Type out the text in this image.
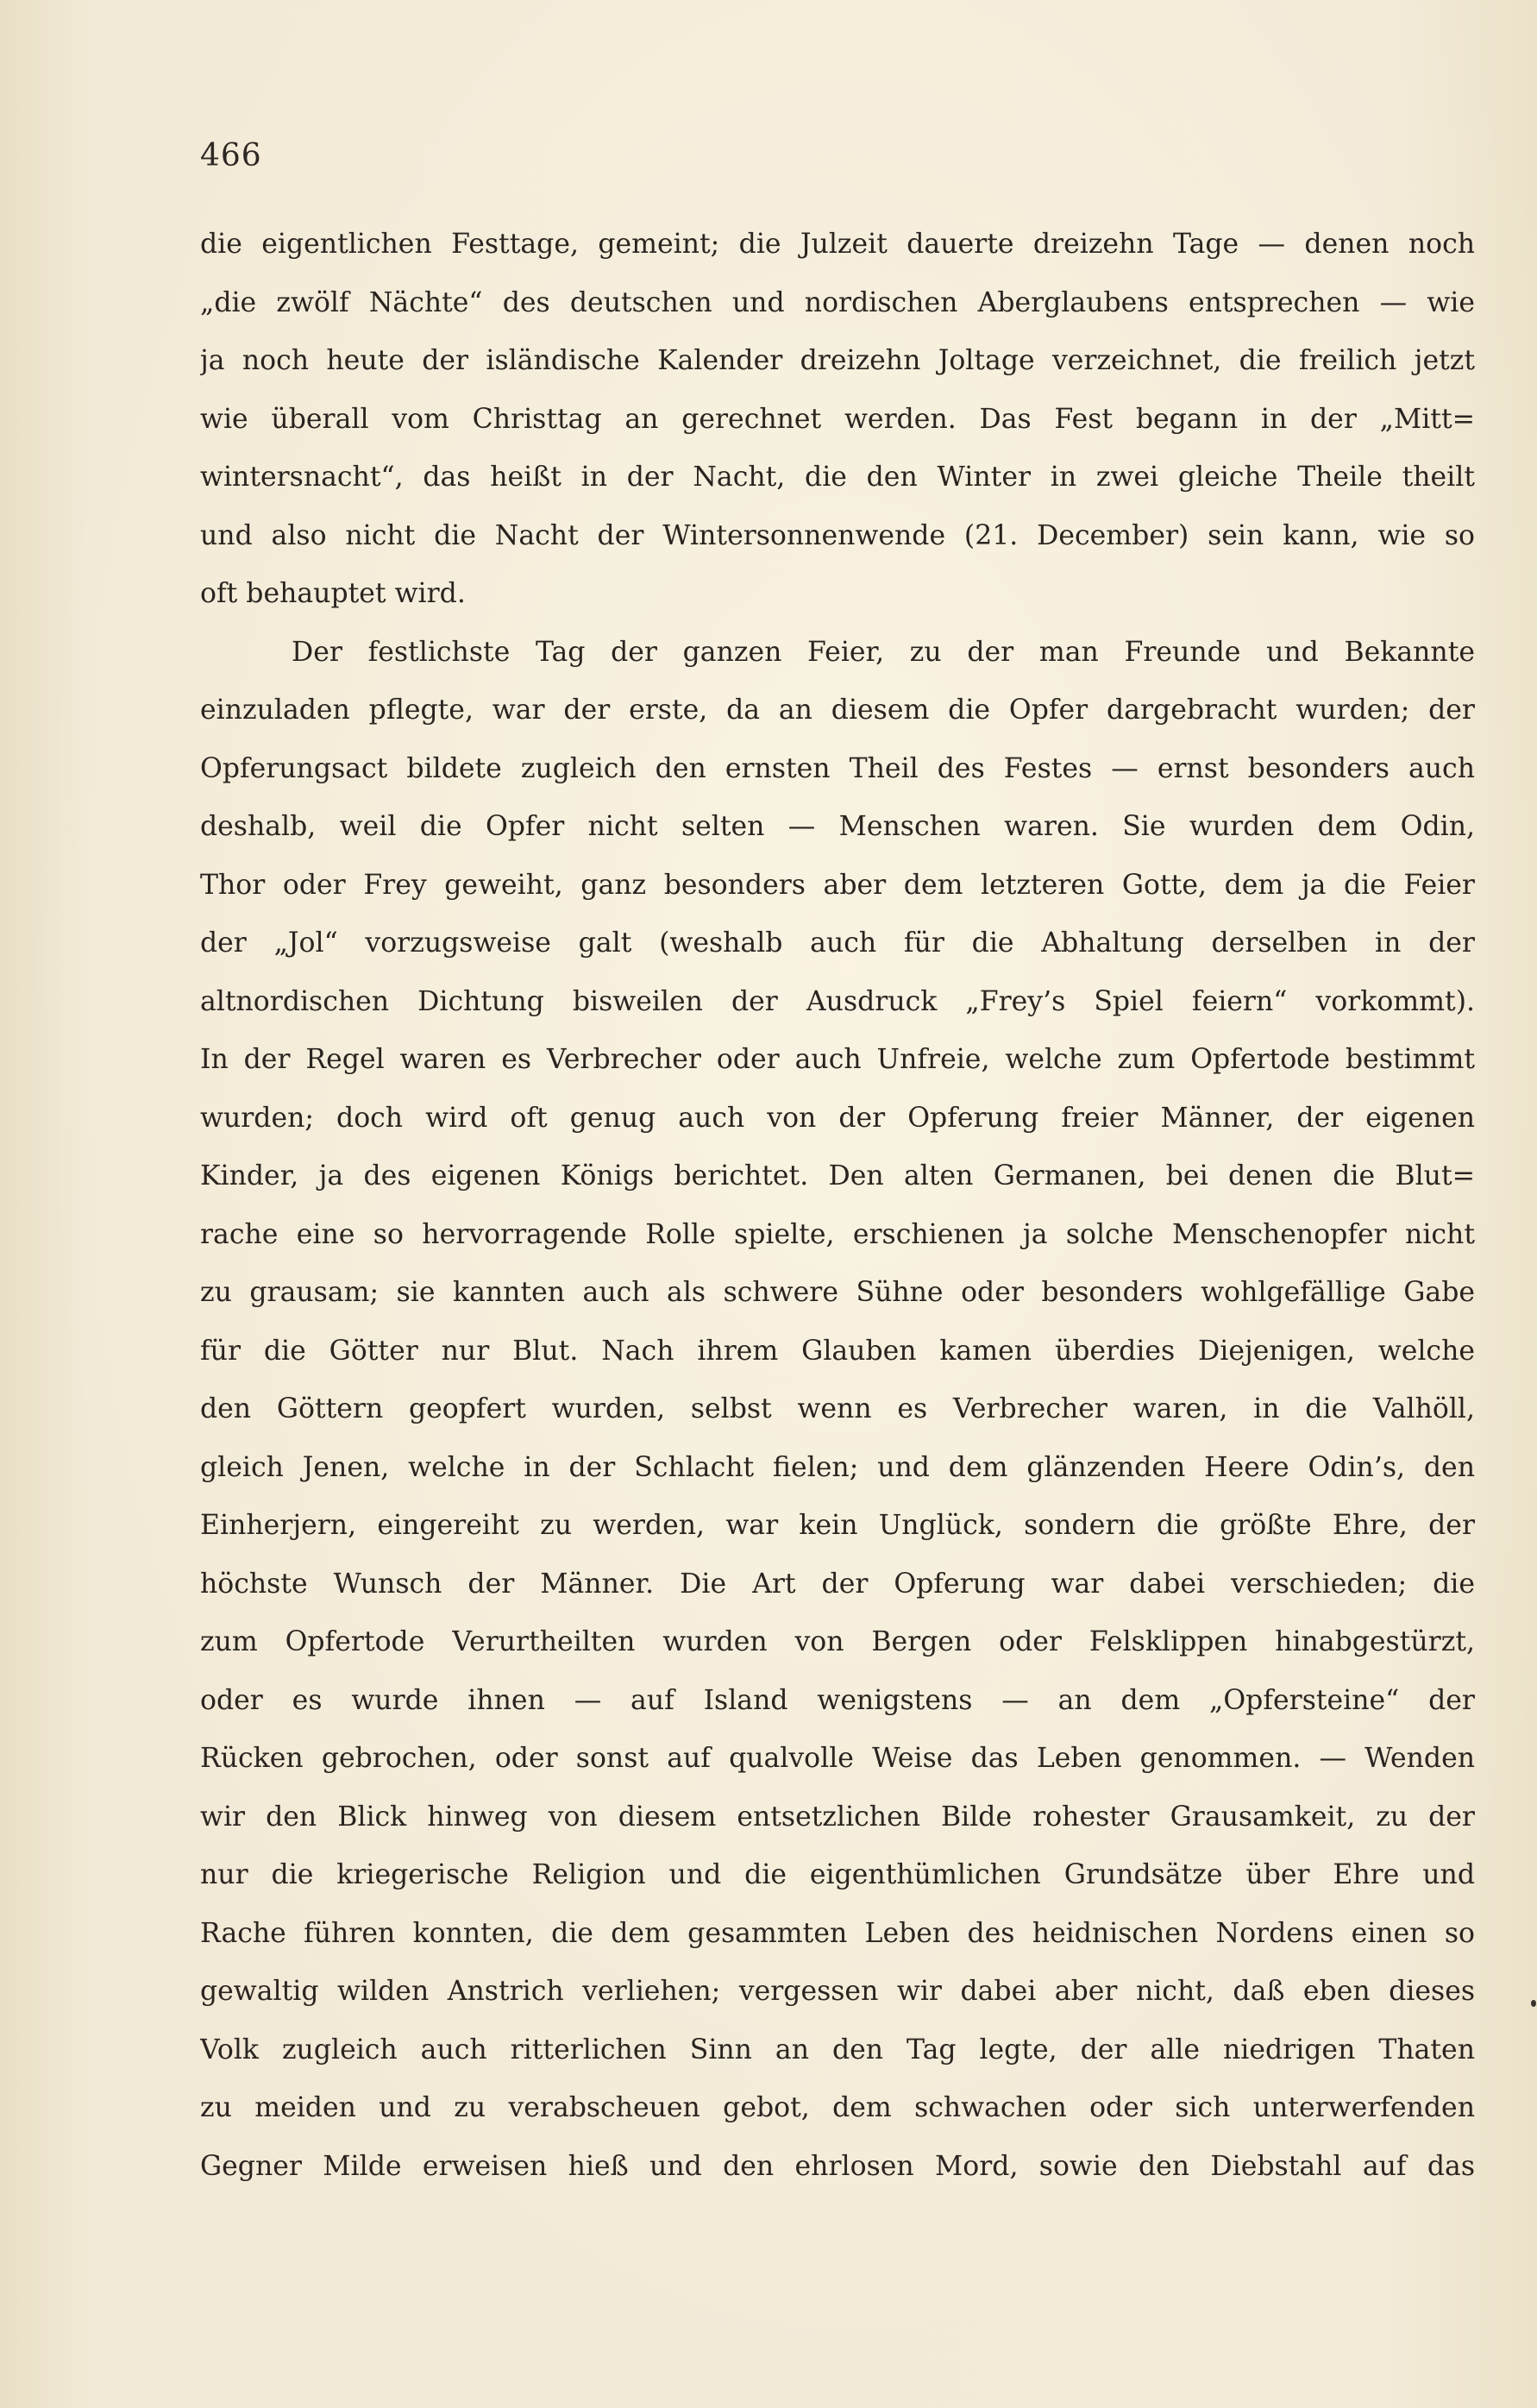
466
die eigentlichen Festtage, gemeint; die Julzeit dauerte dreizehn Tage — denen noch
„die zwölf Nächte“ des deutschen und nordischen Aberglaubens entsprechen — wie
ja noch heute der isländische Kalender dreizehn Joltage verzeichnet, die freilich jetzt
wie überall vom Christtag an gerechnet werden. Das Fest begann in der „Mitt=
wintersnacht“, das heißt in der Nacht, die den Winter in zwei gleiche Theile theilt
und also nicht die Nacht der Wintersonnenwende (21. December) sein kann, wie so
oft behauptet wird.
Der festlichste Tag der ganzen Feier, zu der man Freunde und Bekannte
einzuladen pflegte, war der erste, da an diesem die Opfer dargebracht wurden; der
Opferungsact bildete zugleich den ernsten Theil des Festes — ernst besonders auch
deshalb, weil die Opfer nicht selten — Menschen waren. Sie wurden dem Odin,
Thor oder Frey geweiht, ganz besonders aber dem letzteren Gotte, dem ja die Feier
der „Jol“ vorzugsweise galt (weshalb auch für die Abhaltung derselben in der
altnordischen Dichtung bisweilen der Ausdruck „Frey’s Spiel feiern“ vorkommt).
In der Regel waren es Verbrecher oder auch Unfreie, welche zum Opfertode bestimmt
wurden; doch wird oft genug auch von der Opferung freier Männer, der eigenen
Kinder, ja des eigenen Königs berichtet. Den alten Germanen, bei denen die Blut=
rache eine so hervorragende Rolle spielte, erschienen ja solche Menschenopfer nicht
zu grausam; sie kannten auch als schwere Sühne oder besonders wohlgefällige Gabe
für die Götter nur Blut. Nach ihrem Glauben kamen überdies Diejenigen, welche
den Göttern geopfert wurden, selbst wenn es Verbrecher waren, in die Valhöll,
gleich Jenen, welche in der Schlacht fielen; und dem glänzenden Heere Odin’s, den
Einherjern, eingereiht zu werden, war kein Unglück, sondern die größte Ehre, der
höchste Wunsch der Männer. Die Art der Opferung war dabei verschieden; die
zum Opfertode Verurtheilten wurden von Bergen oder Felsklippen hinabgestürzt,
oder es wurde ihnen — auf Island wenigstens — an dem „Opfersteine“ der
Rücken gebrochen, oder sonst auf qualvolle Weise das Leben genommen. — Wenden
wir den Blick hinweg von diesem entsetzlichen Bilde rohester Grausamkeit, zu der
nur die kriegerische Religion und die eigenthümlichen Grundsätze über Ehre und
Rache führen konnten, die dem gesammten Leben des heidnischen Nordens einen so
gewaltig wilden Anstrich verliehen; vergessen wir dabei aber nicht, daß eben dieses
Volk zugleich auch ritterlichen Sinn an den Tag legte, der alle niedrigen Thaten
zu meiden und zu verabscheuen gebot, dem schwachen oder sich unterwerfenden
Gegner Milde erweisen hieß und den ehrlosen Mord, sowie den Diebstahl auf das
